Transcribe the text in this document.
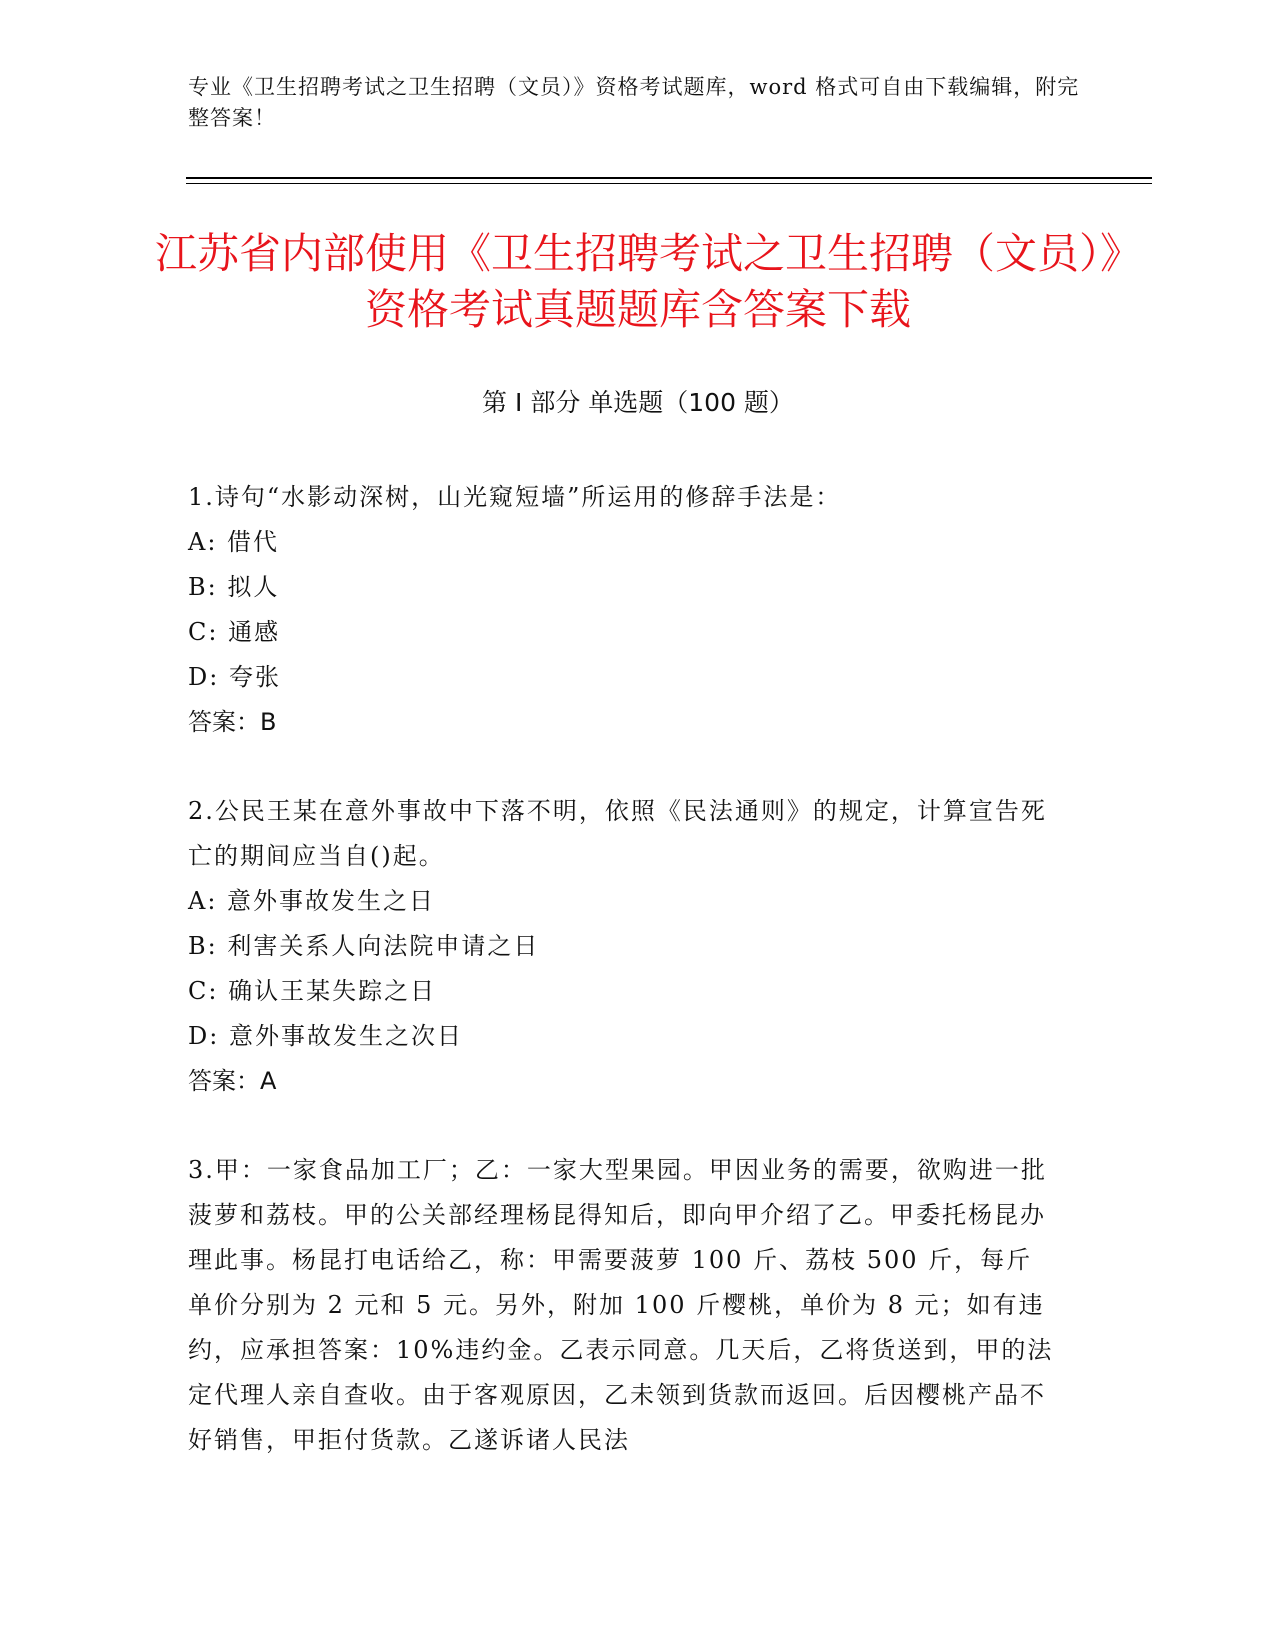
专业《卫生招聘考试之卫生招聘（文员）》资格考试题库，word 格式可自由下载编辑，附完整答案！
江苏省内部使用《卫生招聘考试之卫生招聘（文员）》资格考试真题题库含答案下载
第 I 部分 单选题（100 题）
1.诗句“水影动深树，山光窥短墙”所运用的修辞手法是：
A: 借代
B: 拟人
C: 通感
D: 夸张
答案：B
2.公民王某在意外事故中下落不明，依照《民法通则》的规定，计算宣告死亡的期间应当自()起。
A: 意外事故发生之日
B: 利害关系人向法院申请之日
C: 确认王某失踪之日
D: 意外事故发生之次日
答案：A
3.甲：一家食品加工厂；乙：一家大型果园。甲因业务的需要，欲购进一批菠萝和荔枝。甲的公关部经理杨昆得知后，即向甲介绍了乙。甲委托杨昆办理此事。杨昆打电话给乙，称：甲需要菠萝 100 斤、荔枝 500 斤，每斤单价分别为 2 元和 5 元。另外，附加 100 斤樱桃，单价为 8 元；如有违约，应承担答案：10%违约金。乙表示同意。几天后，乙将货送到，甲的法定代理人亲自查收。由于客观原因，乙未领到货款而返回。后因樱桃产品不好销售，甲拒付货款。乙遂诉诸人民法
